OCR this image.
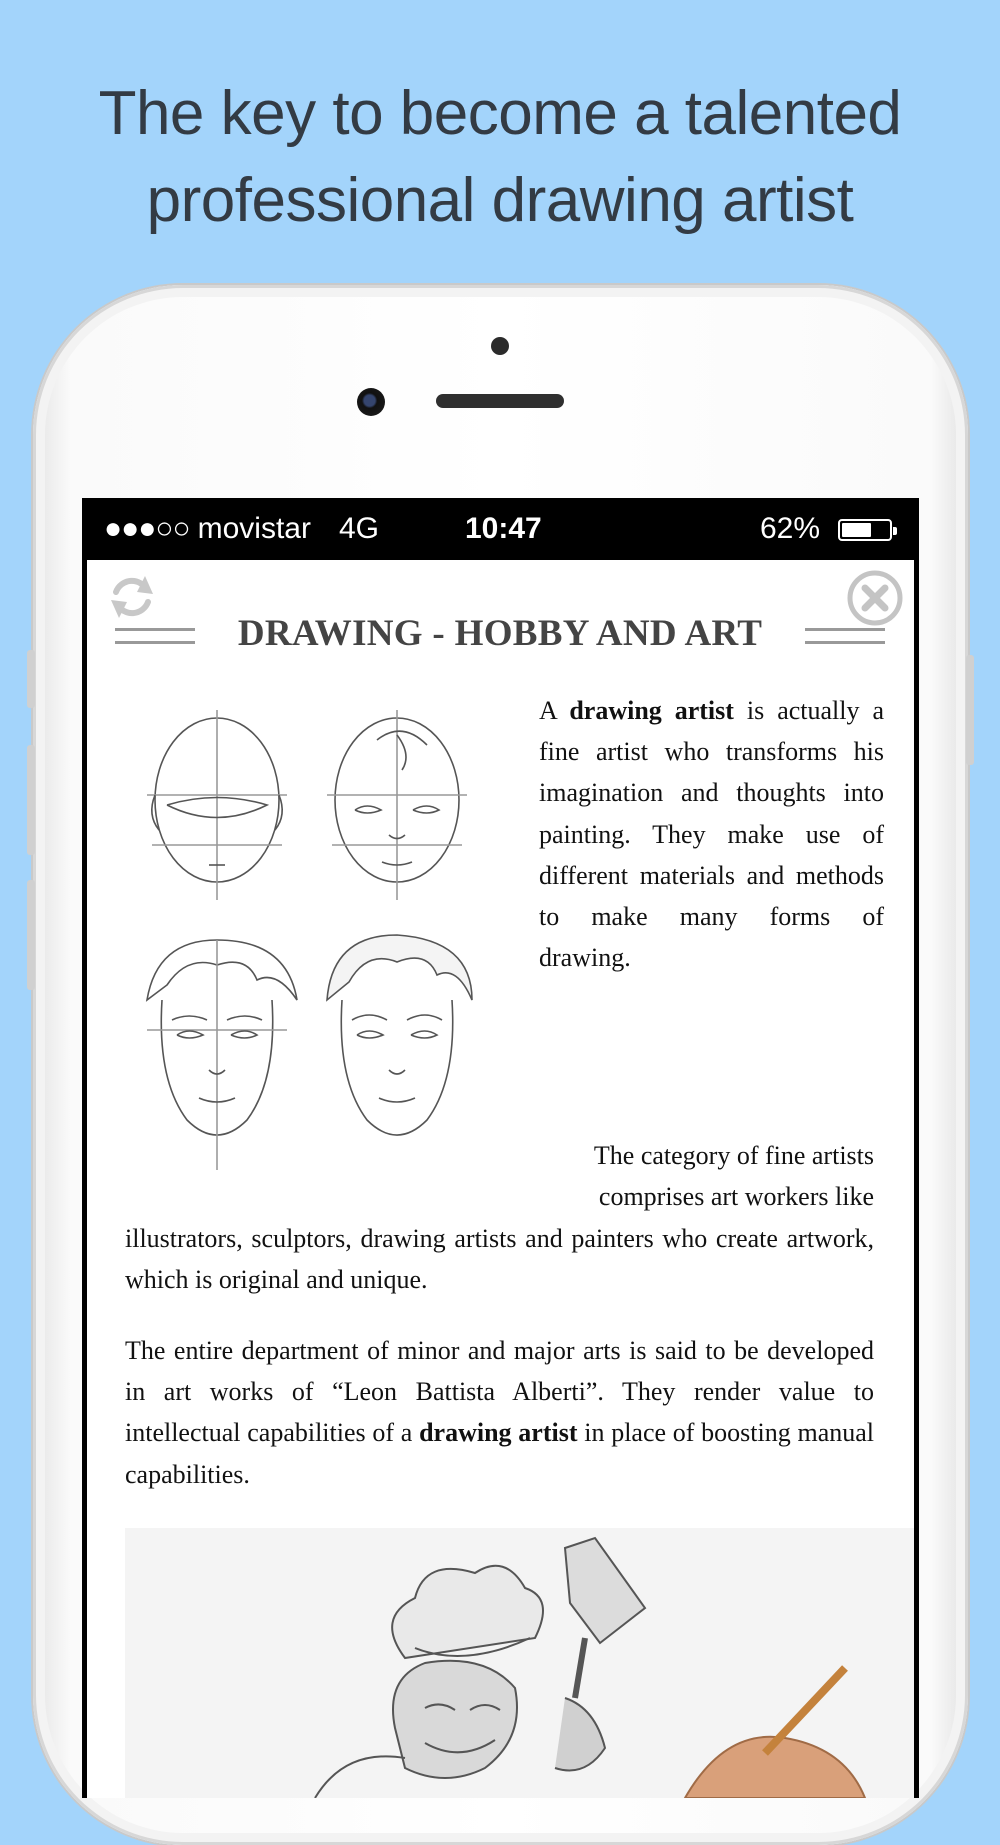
The key to become a talented
professional drawing artist
●●●○○ movistar 4G	10:47	62%
DRAWING - HOBBY AND ART
A drawing artist is actually a fine artist who transforms his imagination and thoughts into painting. They make use of different materials and methods to make many forms of
drawing.
The category of fine artists comprises art workers like
illustrators, sculptors, drawing artists and painters who create artwork, which is original and unique.
The entire department of minor and major arts is said to be developed in art works of “Leon Battista Alberti”. They render value to intellectual capabilities of a drawing artist in place of boosting manual capabilities.
